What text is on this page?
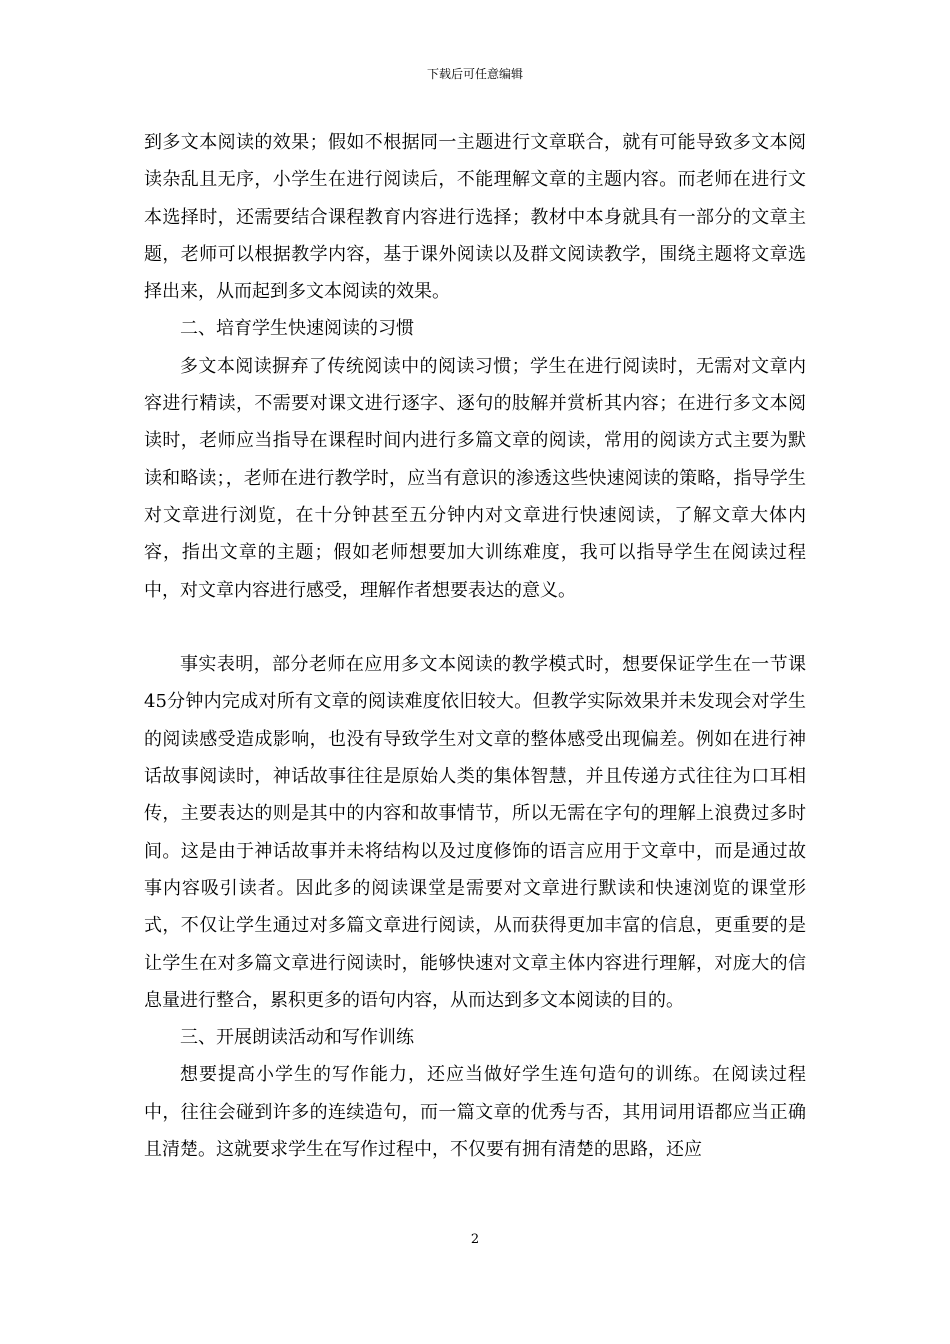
下载后可任意编辑

到多文本阅读的效果；假如不根据同一主题进行文章联合，就有可能导致多文本阅读杂乱且无序，小学生在进行阅读后，不能理解文章的主题内容。而老师在进行文本选择时，还需要结合课程教育内容进行选择；教材中本身就具有一部分的文章主题，老师可以根据教学内容，基于课外阅读以及群文阅读教学，围绕主题将文章选择出来，从而起到多文本阅读的效果。

二、培育学生快速阅读的习惯

多文本阅读摒弃了传统阅读中的阅读习惯；学生在进行阅读时，无需对文章内容进行精读，不需要对课文进行逐字、逐句的肢解并赏析其内容；在进行多文本阅读时，老师应当指导在课程时间内进行多篇文章的阅读，常用的阅读方式主要为默读和略读；，老师在进行教学时，应当有意识的渗透这些快速阅读的策略，指导学生对文章进行浏览，在十分钟甚至五分钟内对文章进行快速阅读，了解文章大体内容，指出文章的主题；假如老师想要加大训练难度，我可以指导学生在阅读过程中，对文章内容进行感受，理解作者想要表达的意义。

事实表明，部分老师在应用多文本阅读的教学模式时，想要保证学生在一节课45分钟内完成对所有文章的阅读难度依旧较大。但教学实际效果并未发现会对学生的阅读感受造成影响，也没有导致学生对文章的整体感受出现偏差。例如在进行神话故事阅读时，神话故事往往是原始人类的集体智慧，并且传递方式往往为口耳相传，主要表达的则是其中的内容和故事情节，所以无需在字句的理解上浪费过多时间。这是由于神话故事并未将结构以及过度修饰的语言应用于文章中，而是通过故事内容吸引读者。因此多的阅读课堂是需要对文章进行默读和快速浏览的课堂形式，不仅让学生通过对多篇文章进行阅读，从而获得更加丰富的信息，更重要的是让学生在对多篇文章进行阅读时，能够快速对文章主体内容进行理解，对庞大的信息量进行整合，累积更多的语句内容，从而达到多文本阅读的目的。

三、开展朗读活动和写作训练

想要提高小学生的写作能力，还应当做好学生连句造句的训练。在阅读过程中，往往会碰到许多的连续造句，而一篇文章的优秀与否，其用词用语都应当正确且清楚。这就要求学生在写作过程中，不仅要有拥有清楚的思路，还应

2
